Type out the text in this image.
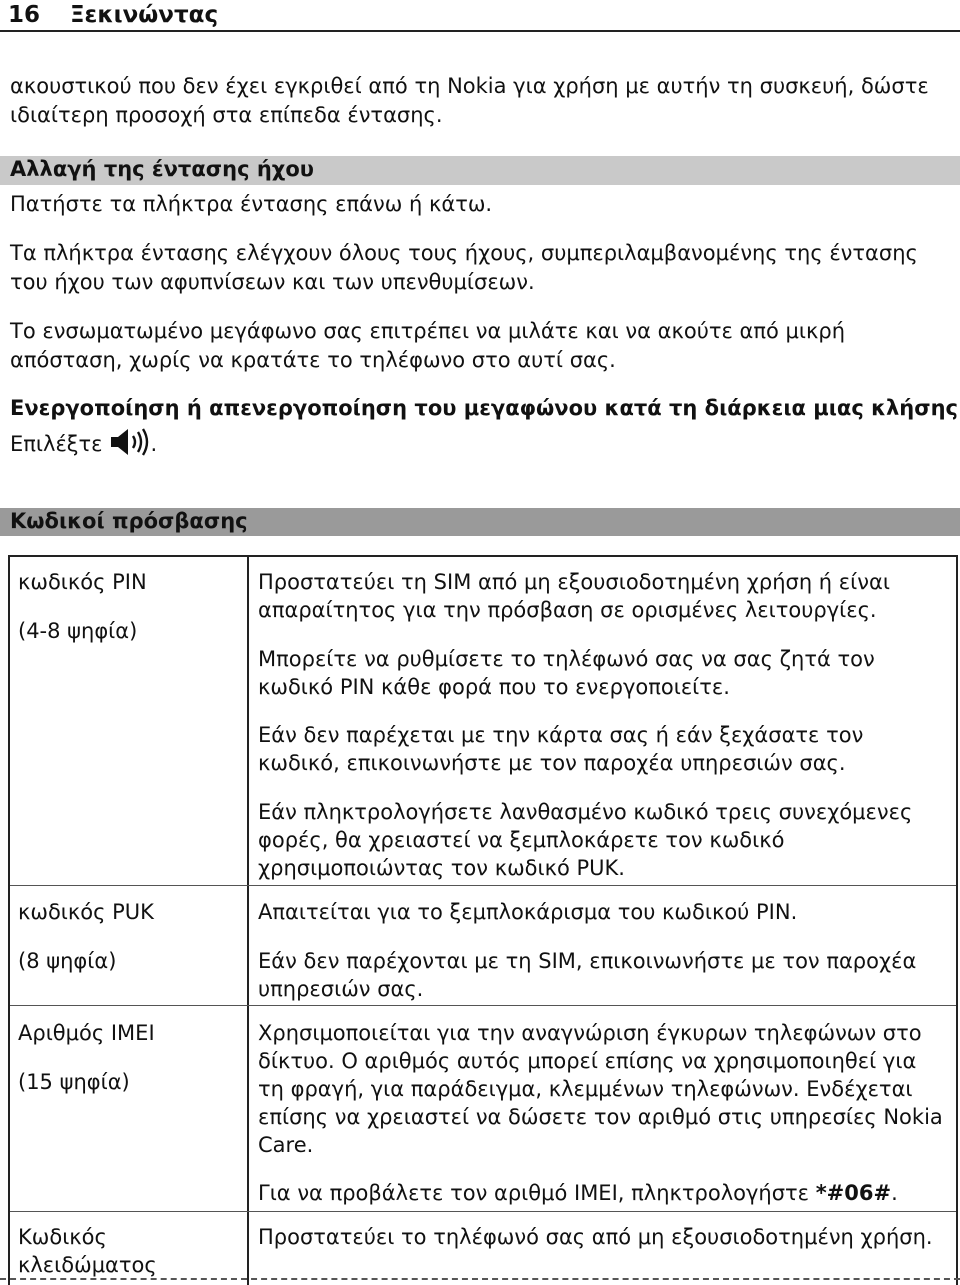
16 Ξεκινώντας

ακουστικού που δεν έχει εγκριθεί από τη Nokia για χρήση με αυτήν τη συσκευή, δώστε ιδιαίτερη προσοχή στα επίπεδα έντασης.

Αλλαγή της έντασης ήχου

Πατήστε τα πλήκτρα έντασης επάνω ή κάτω.

Τα πλήκτρα έντασης ελέγχουν όλους τους ήχους, συμπεριλαμβανομένης της έντασης του ήχου των αφυπνίσεων και των υπενθυμίσεων.

Το ενσωματωμένο μεγάφωνο σας επιτρέπει να μιλάτε και να ακούτε από μικρή απόσταση, χωρίς να κρατάτε το τηλέφωνο στο αυτί σας.

Ενεργοποίηση ή απενεργοποίηση του μεγαφώνου κατά τη διάρκεια μιας κλήσης

Επιλέξτε .

Κωδικοί πρόσβασης

κωδικός PIN

(4-8 ψηφία)

Προστατεύει τη SIM από μη εξουσιοδοτημένη χρήση ή είναι απαραίτητος για την πρόσβαση σε ορισμένες λειτουργίες.

Μπορείτε να ρυθμίσετε το τηλέφωνό σας να σας ζητά τον κωδικό PIN κάθε φορά που το ενεργοποιείτε.

Εάν δεν παρέχεται με την κάρτα σας ή εάν ξεχάσατε τον κωδικό, επικοινωνήστε με τον παροχέα υπηρεσιών σας.

Εάν πληκτρολογήσετε λανθασμένο κωδικό τρεις συνεχόμενες φορές, θα χρειαστεί να ξεμπλοκάρετε τον κωδικό χρησιμοποιώντας τον κωδικό PUK.

κωδικός PUK

(8 ψηφία)

Απαιτείται για το ξεμπλοκάρισμα του κωδικού PIN.

Εάν δεν παρέχονται με τη SIM, επικοινωνήστε με τον παροχέα υπηρεσιών σας.

Αριθμός IMEI

(15 ψηφία)

Χρησιμοποιείται για την αναγνώριση έγκυρων τηλεφώνων στο δίκτυο. Ο αριθμός αυτός μπορεί επίσης να χρησιμοποιηθεί για τη φραγή, για παράδειγμα, κλεμμένων τηλεφώνων. Ενδέχεται επίσης να χρειαστεί να δώσετε τον αριθμό στις υπηρεσίες Nokia Care.

Για να προβάλετε τον αριθμό IMEI, πληκτρολογήστε *#06#.

Κωδικός κλειδώματος

Προστατεύει το τηλέφωνό σας από μη εξουσιοδοτημένη χρήση.
